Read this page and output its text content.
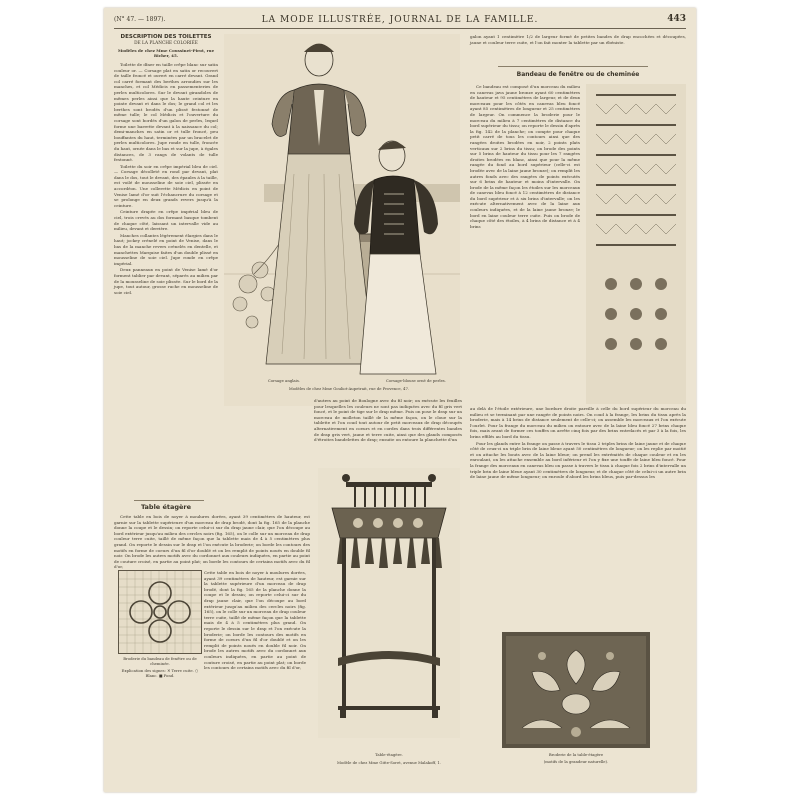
(N° 47. — 1897).	LA MODE ILLUSTRÉE, JOURNAL DE LA FAMILLE.	443
DESCRIPTION DES TOILETTES
DE LA PLANCHE COLORIÉE
Modèles de chez Mme Coussinet-Pirot, rue Richer, 45.

Toilette de dîner en taille crêpe blanc sur satin couleur or. — Corsage plat en satin or recouvert de taille froncé et ouvert en carré devant. Grand col carré formant des berthes arrondies sur les manches, et col Médicis en passementeries de perles multicolores. Sur le devant girandoles de mêmes perles ainsi que la haute ceinture en pointe devant et dans le dos; le grand col et les berthes sont brodés d'un plissé festonné de même tulle; le col Médicis et l'ouverture du corsage sont bordés d'un galon de perles, lequel forme une barrette devant à la naissance du col; demi-manches en satin or et tulle froncé, peu bouffantes du haut, terminées par un bracelet de perles multicolores. Jupe ronde en tulle, froncée du haut, ornée dans le bas et sur la jupe, à égales distances, de 3 rangs de volants de tulle festonné.

Toilette du soir en crêpe impérial bleu de ciel. — Corsage décolleté en rond par devant, plat dans le dos, tout le devant, des épaules à la taille, est voilé de mousseline de soie ciel, plissée en accordéon. Une collerette Médicis en point de Venise lamé d'or suit l'échancrure du corsage et se prolonge en deux grands revers jusqu'à la ceinture.

Ceinture drapée en crêpe impérial bleu de ciel, trois crevés au dos formant basque tombent de chaque côté, laissant un intervalle vide au milieu, devant et derrière.

Manches collantes légèrement élargies dans le haut; jockey crénelé en point de Venise, dans le bas de la manche revers crénelés en dentelle, et manchettes Marquise faites d'un double plissé en mousseline de soie ciel. Jupe ronde en crêpe impérial.

Deux panneaux en point de Venise lamé d'or forment tablier par devant, séparés au milieu par de la mousseline de soie plissée. Sur le bord de la jupe, tout autour, grosse ruche en mousseline de soie ciel.

Corsage anglais.	Corsage-blouse orné de perles.
Modèles de chez Mme Gouliot-Aupetrait, rue de Provence, 47.

galon ayant 1 centimètre 1/2 de largeur formé de petites bandes de drap encochées et découpées, jaune et couleur terre cuite, et l'on fait monter la tablette par un ébéniste.

Bandeau de fenêtre ou de cheminée

Ce bandeau est composé d'un morceau du milieu en canevas java jaune bronze ayant 60 centimètres de hauteur et 95 centimètres de largeur, et de deux morceaux pour les côtés en canevas bleu foncé ayant 85 centimètres de longueur et 25 centimètres de largeur. On commence la broderie pour le morceau du milieu à 7 centimètres de distance du bord supérieur du tissu; on reporte le dessin d'après la fig. 142 de la planche; on compte pour chaque petit carré de tous les contours ainsi que des rangées droites brodées en noir, 2 points plats verticaux sur 2 brins du tissu; on brode des points sur 5 brins de hauteur du tissu pour les 7 rangées droites brodées en blanc, ainsi que pour la même rangée du fond au bord supérieur (celle-ci est brodée avec de la laine jaune bronze); on remplit les autres fonds avec des rangées de points exécutés sur 6 brins de hauteur et moins d'intervalle. On brode de la même façon les étoiles sur les morceaux de canevas bleu foncé à 12 centimètres de distance du bord supérieur et à six brins d'intervalle; on les exécute alternativement avec de la laine aux couleurs indiquées, et de la laine jaune bronze; le bord en laine couleur terre cuite. Puis on brode de chaque côté des étoiles, à 4 brins de distance et à 4 brins

Table étagère

Cette table en bois de noyer à moulures dorées, ayant 39 centimètres de hauteur, est garnie sur la tablette supérieure d'un morceau de drap brodé, dont la fig. 165 de la planche donne la coupe et le dessin; on reporte celui-ci sur du drap jaune clair, que l'on découpe au bord extérieur jusqu'au milieu des cercles noirs (fig. 165), on le colle sur un morceau de drap couleur terre cuite, taillé de même façon que la tablette mais de 4 à 5 centimètres plus grand. On reporte le dessin sur le drap et l'on exécute la broderie; on borde les contours des motifs en forme de coeurs d'un fil d'or doublé et on les remplit de points noués en double fil noir. On brode les autres motifs avec du cordonnet aux couleurs indiquées, en partie au point de couture croisé, en partie au point plat; on borde les contours de certains motifs avec du fil d'or,

Broderie du bandeau de fenêtre ou de cheminée.
Explication des signes: ✕ Terre cuite. ○ Blanc. ■ Fond.

Cette table en bois de noyer à moulures dorées, ayant 39 centimètres de hauteur, est garnie sur la tablette supérieure d'un morceau de drap brodé, dont la fig. 165 de la planche donne la coupe et le dessin; on reporte celui-ci sur du drap jaune clair, que l'on découpe au bord extérieur jusqu'au milieu des cercles noirs (fig. 165), on le colle sur un morceau de drap couleur terre cuite, taillé de même façon que la tablette mais de 4 à 5 centimètres plus grand. On reporte le dessin sur le drap et l'on exécute la broderie; on borde les contours des motifs en forme de coeurs d'un fil d'or doublé et on les remplit de points noués en double fil noir. On brode les autres motifs avec du cordonnet aux couleurs indiquées, en partie au point de couture croisé, en partie au point plat; on borde les contours de certains motifs avec du fil d'or,

d'autres au point de Boulogne avec du fil noir; on exécute les feuilles pour lesquelles les couleurs ne sont pas indiquées avec du fil gris vert foncé, et le point de tige sur le drap même. Puis on pose le drap sur un morceau de molleton taillé de la même façon, on le cloue sur la tablette et l'on coud tout autour de petit morceaux de drap découpés alternativement en coeurs et en cordes dans trois différentes bandes de drap gris vert, jaune et terre cuite, ainsi que des glands composés d'étroites bandelettes de drap; ensuite on entoure la planchette d'un

Table-étagère.
Modèle de chez Mme Gitte-Soret, avenue Malakoff, 1.

au delà de l'étoile extérieure, une bordure droite pareille à celle du bord supérieur du morceau du milieu et se terminant par une rangée de points noirs. On coud à la frange, les brins du tissu après la broderie, mais à 14 brins de distance seulement de celle-ci; on assemble les morceaux et l'on exécute l'ourlet. Pour la frange du morceau du milieu on entoure avec de la laine bleu foncé 27 brins chaque fois, mais avant de former ces touffes on arrête cinq fois par des brins entrelacés et par 3 à la fois, les brins effilés au bord du tissu.

Pour les glands entre la frange on passe à travers le tissu 2 triples brins de laine jaune et de chaque côté de ceux-ci un triple brin de laine bleue ayant 50 centimètres de longueur; on les replie par moitié et on attache les bouts avec de la laine bleue; on prend les extrémités de chaque couleur et en les enroulant, on les attache ensemble au bord inférieur et l'on y fixe une touffe de laine bleu foncé. Pour la frange des morceaux en canevas bleu on passe à travers le tissu à chaque fois 2 brins d'intervalle un triple brin de laine bleue ayant 30 centimètres de longueur, et de chaque côté de celui-ci un autre brin de laine jaune de même longueur; on enroule d'abord les brins bleus, puis par-dessus les

Broderie de la table-étagère
(motifs de la grandeur naturelle).
